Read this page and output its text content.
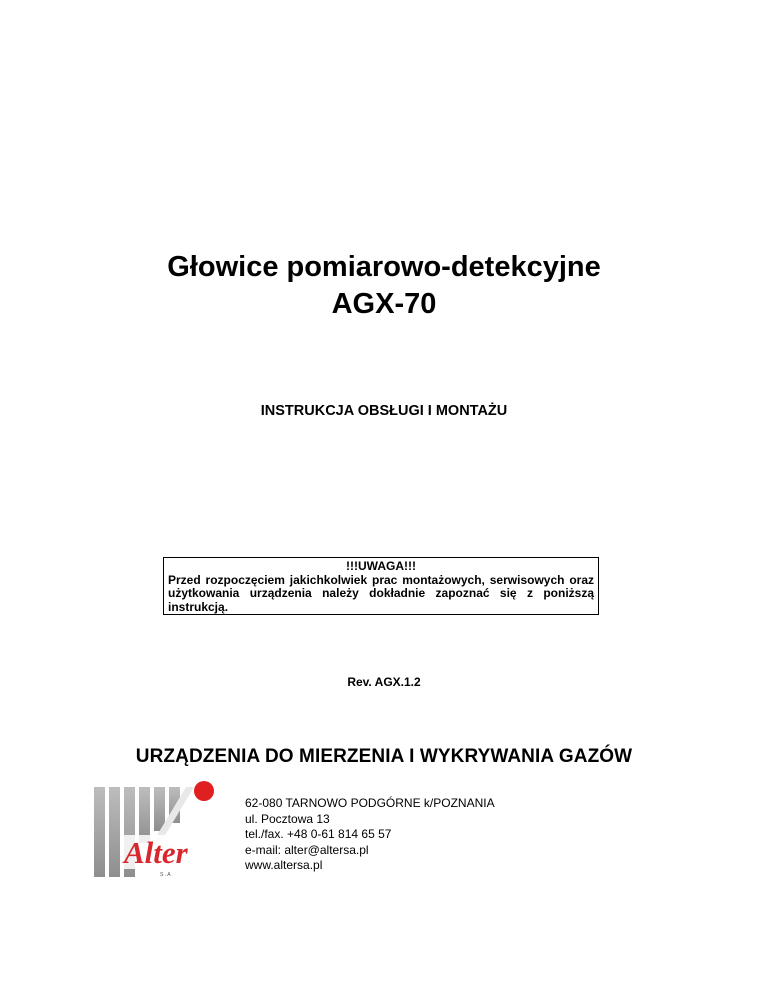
Głowice pomiarowo-detekcyjne
AGX-70
INSTRUKCJA OBSŁUGI I MONTAŻU
!!!UWAGA!!!
Przed rozpoczęciem jakichkolwiek prac montażowych, serwisowych oraz użytkowania urządzenia należy dokładnie zapoznać się z poniższą instrukcją.
Rev. AGX.1.2
URZĄDZENIA DO MIERZENIA I WYKRYWANIA GAZÓW
Alter
S . A
62-080 TARNOWO PODGÓRNE k/POZNANIA
ul. Pocztowa 13
tel./fax. +48 0-61 814 65 57
e-mail: alter@altersa.pl
www.altersa.pl
